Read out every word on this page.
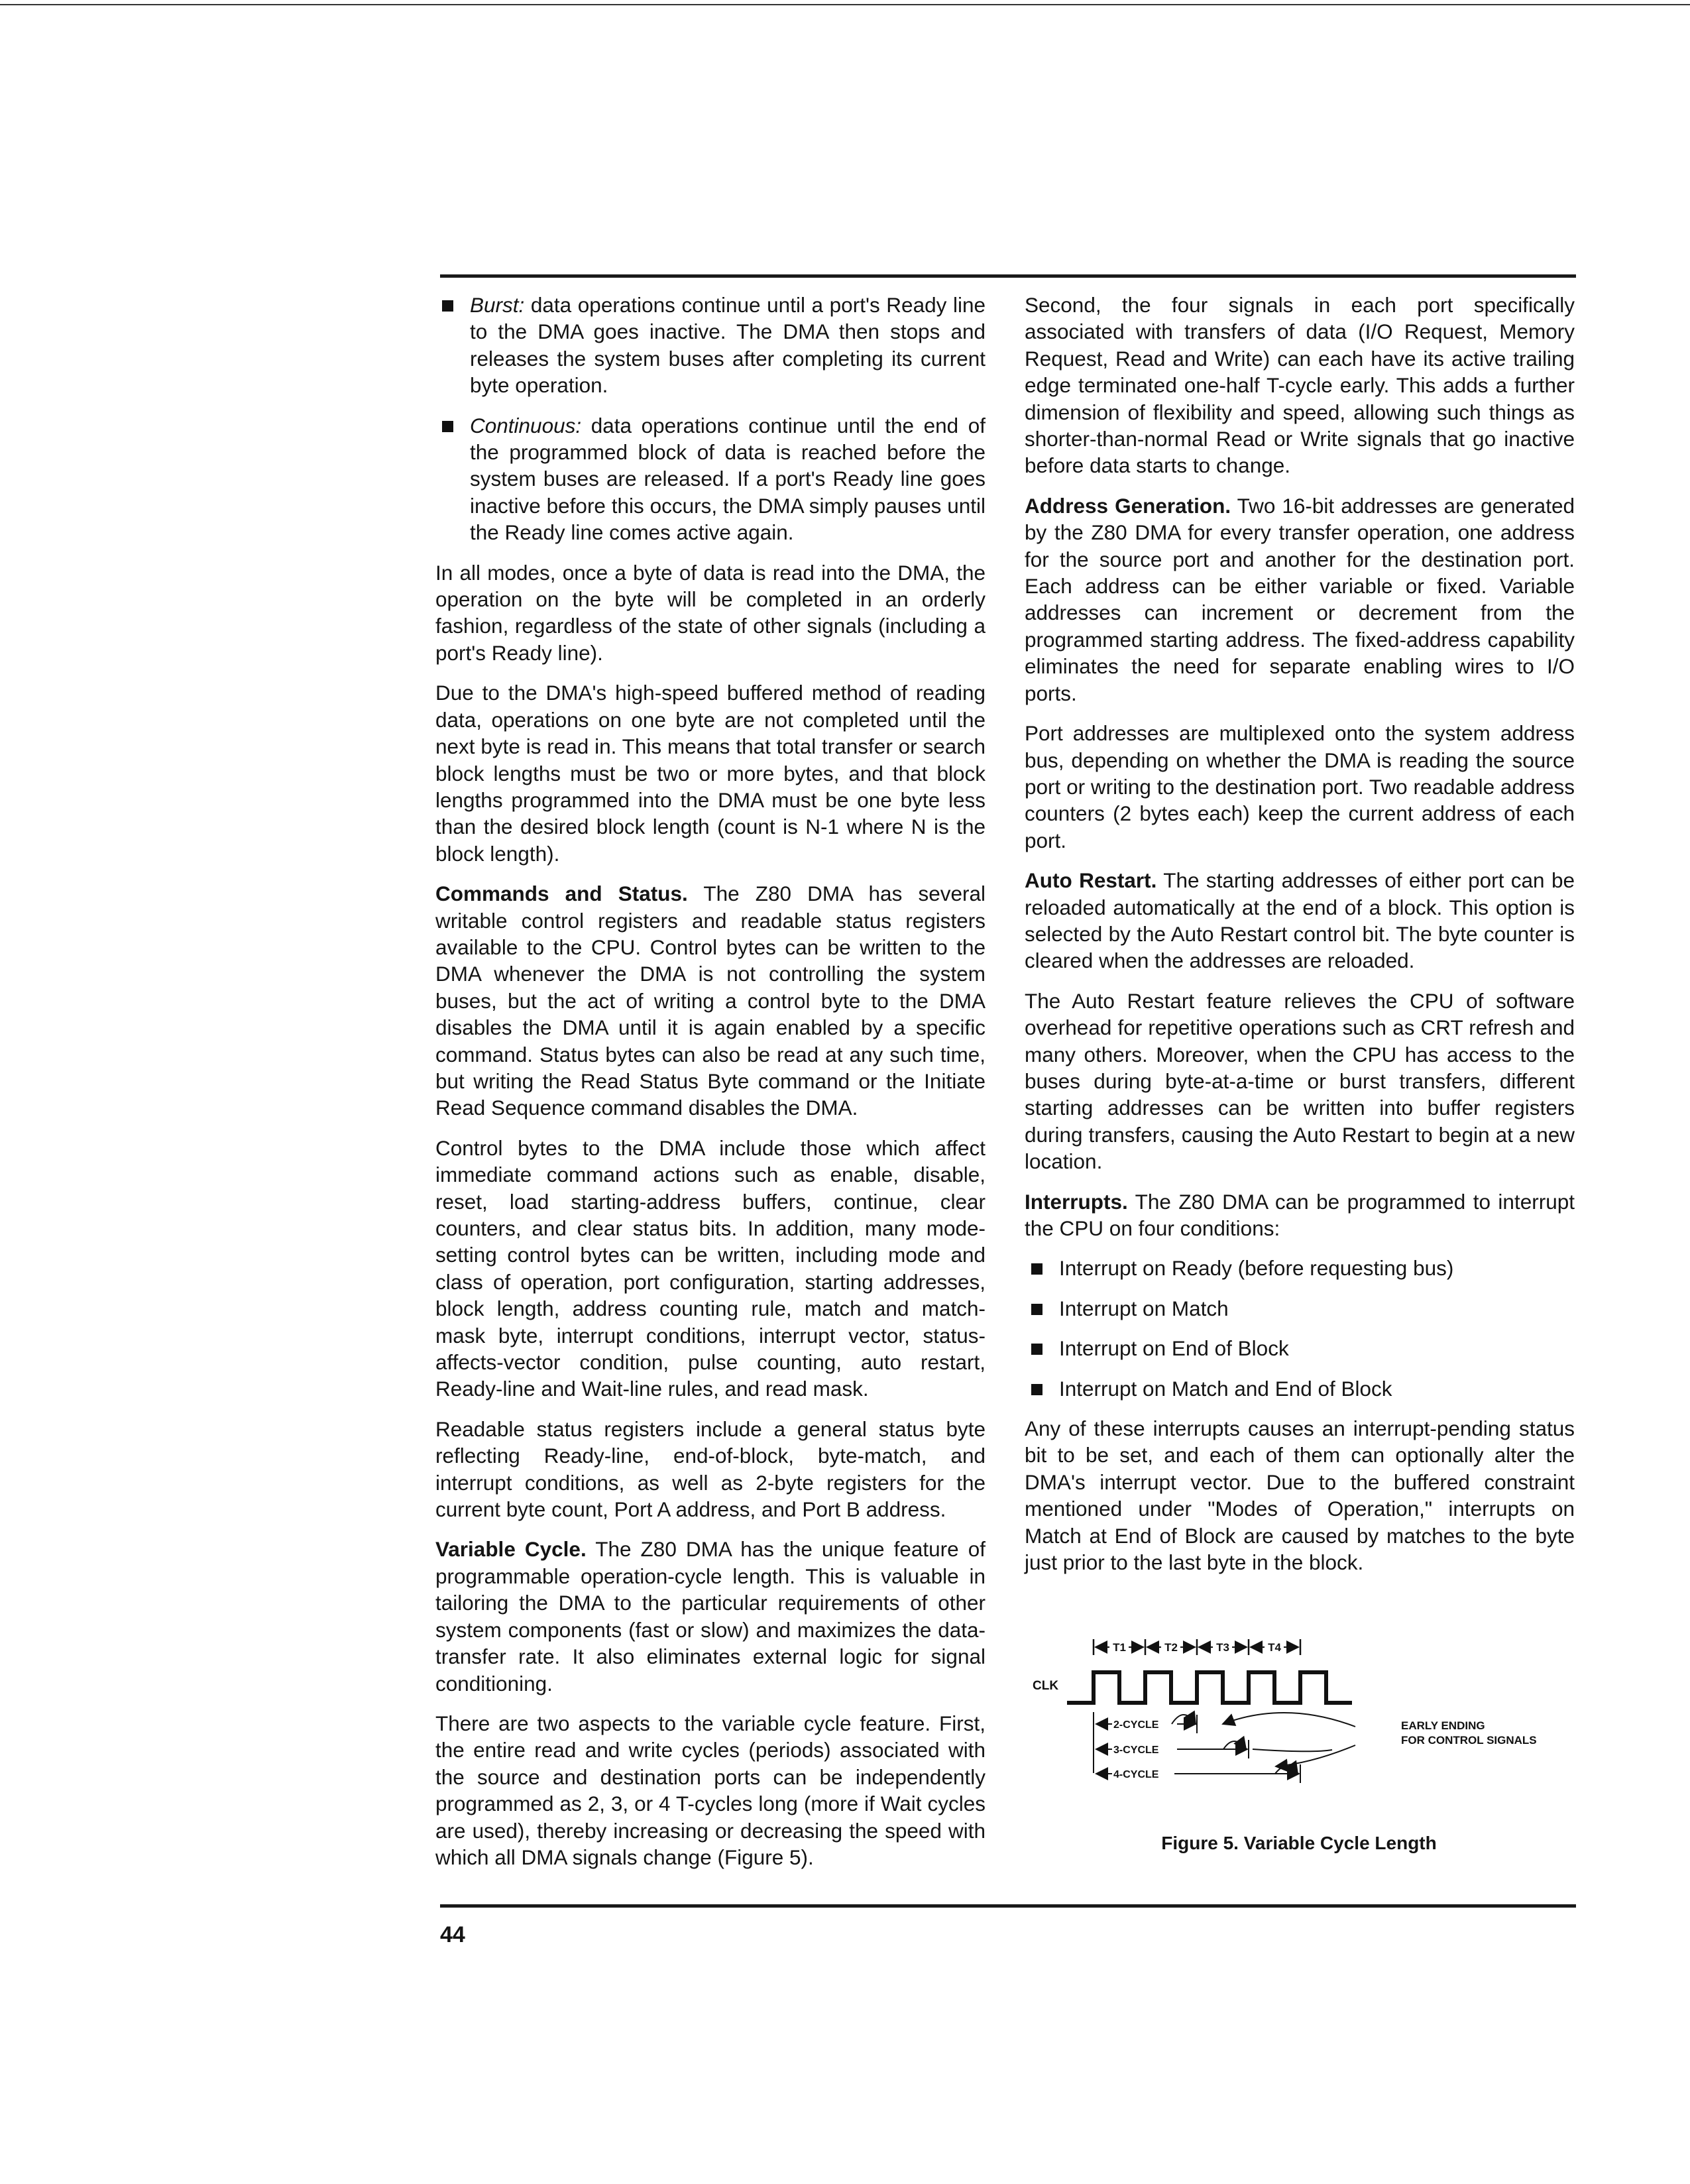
Burst: data operations continue until a port's Ready line to the DMA goes inactive. The DMA then stops and releases the system buses after completing its current byte operation.
Continuous: data operations continue until the end of the programmed block of data is reached before the system buses are released. If a port's Ready line goes inactive before this occurs, the DMA simply pauses until the Ready line comes active again.

In all modes, once a byte of data is read into the DMA, the operation on the byte will be completed in an orderly fashion, regardless of the state of other signals (including a port's Ready line).

Due to the DMA's high-speed buffered method of reading data, operations on one byte are not completed until the next byte is read in. This means that total transfer or search block lengths must be two or more bytes, and that block lengths programmed into the DMA must be one byte less than the desired block length (count is N-1 where N is the block length).

Commands and Status. The Z80 DMA has several writable control registers and readable status registers available to the CPU. Control bytes can be written to the DMA whenever the DMA is not controlling the system buses, but the act of writing a control byte to the DMA disables the DMA until it is again enabled by a specific command. Status bytes can also be read at any such time, but writing the Read Status Byte command or the Initiate Read Sequence command disables the DMA.

Control bytes to the DMA include those which affect immediate command actions such as enable, disable, reset, load starting-address buffers, continue, clear counters, and clear status bits. In addition, many mode-setting control bytes can be written, including mode and class of operation, port configuration, starting addresses, block length, address counting rule, match and match-mask byte, interrupt conditions, interrupt vector, status-affects-vector condition, pulse counting, auto restart, Ready-line and Wait-line rules, and read mask.

Readable status registers include a general status byte reflecting Ready-line, end-of-block, byte-match, and interrupt conditions, as well as 2-byte registers for the current byte count, Port A address, and Port B address.

Variable Cycle. The Z80 DMA has the unique feature of programmable operation-cycle length. This is valuable in tailoring the DMA to the particular requirements of other system components (fast or slow) and maximizes the data-transfer rate. It also eliminates external logic for signal conditioning.

There are two aspects to the variable cycle feature. First, the entire read and write cycles (periods) associated with the source and destination ports can be independently programmed as 2, 3, or 4 T-cycles long (more if Wait cycles are used), thereby increasing or decreasing the speed with which all DMA signals change (Figure 5).

Second, the four signals in each port specifically associated with transfers of data (I/O Request, Memory Request, Read and Write) can each have its active trailing edge terminated one-half T-cycle early. This adds a further dimension of flexibility and speed, allowing such things as shorter-than-normal Read or Write signals that go inactive before data starts to change.

Address Generation. Two 16-bit addresses are generated by the Z80 DMA for every transfer operation, one address for the source port and another for the destination port. Each address can be either variable or fixed. Variable addresses can increment or decrement from the programmed starting address. The fixed-address capability eliminates the need for separate enabling wires to I/O ports.

Port addresses are multiplexed onto the system address bus, depending on whether the DMA is reading the source port or writing to the destination port. Two readable address counters (2 bytes each) keep the current address of each port.

Auto Restart. The starting addresses of either port can be reloaded automatically at the end of a block. This option is selected by the Auto Restart control bit. The byte counter is cleared when the addresses are reloaded.

The Auto Restart feature relieves the CPU of software overhead for repetitive operations such as CRT refresh and many others. Moreover, when the CPU has access to the buses during byte-at-a-time or burst transfers, different starting addresses can be written into buffer registers during transfers, causing the Auto Restart to begin at a new location.

Interrupts. The Z80 DMA can be programmed to interrupt the CPU on four conditions:

Interrupt on Ready (before requesting bus)
Interrupt on Match
Interrupt on End of Block
Interrupt on Match and End of Block

Any of these interrupts causes an interrupt-pending status bit to be set, and each of them can optionally alter the DMA's interrupt vector. Due to the buffered constraint mentioned under "Modes of Operation," interrupts on Match at End of Block are caused by matches to the byte just prior to the last byte in the block.

T1	T2	T3	T4
CLK
2-CYCLE
3-CYCLE
4-CYCLE
EARLY ENDING
FOR CONTROL SIGNALS
Figure 5. Variable Cycle Length
44
